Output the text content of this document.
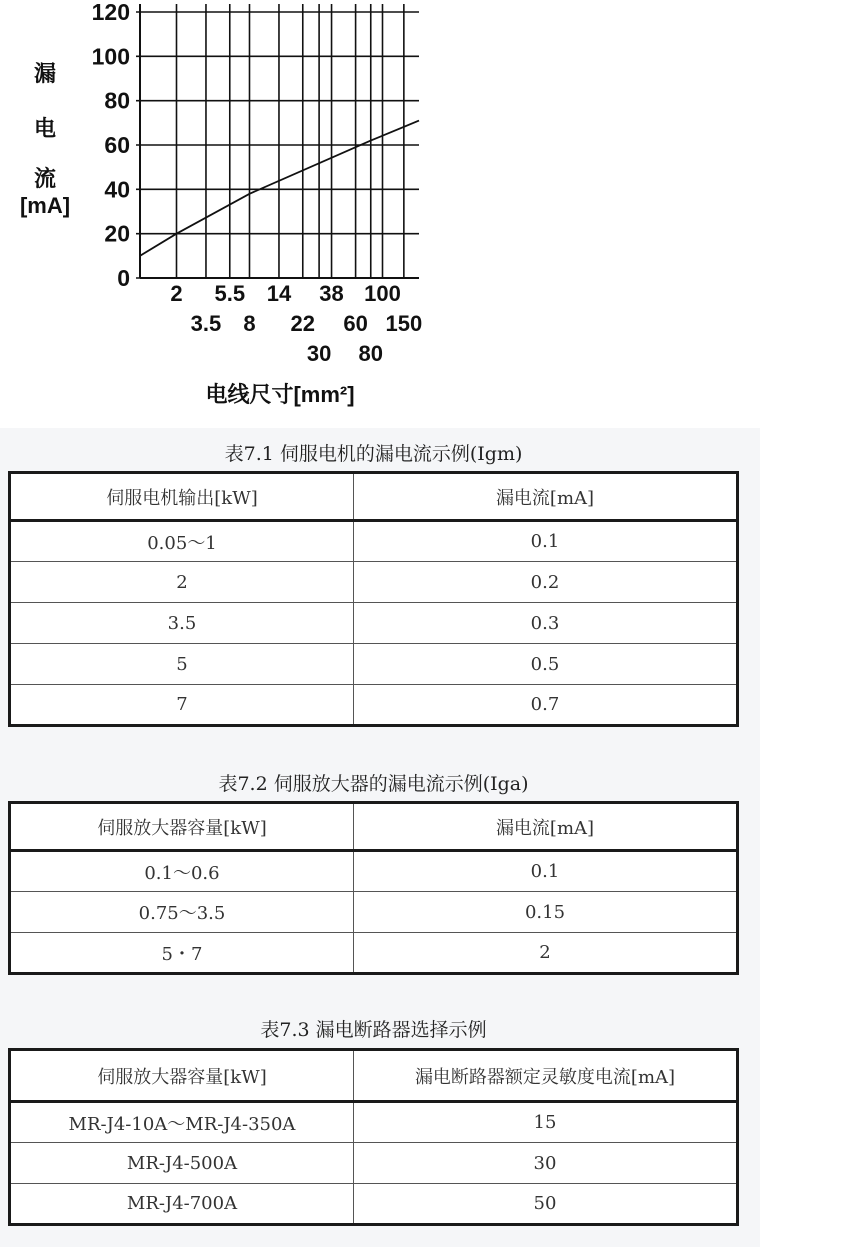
0
20
40
60
80
100
120
2 5.5 14 38 100
3.5 8 22 60 150
30 80
漏
电
流
[mA]
电线尺寸[mm²]
表7.1 伺服电机的漏电流示例(Igm)
伺服电机输出[kW]	漏电流[mA]
0.05～1	0.1
2	0.2
3.5	0.3
5	0.5
7	0.7
表7.2 伺服放大器的漏电流示例(Iga)
伺服放大器容量[kW]	漏电流[mA]
0.1～0.6	0.1
0.75～3.5	0.15
5・7	2
表7.3 漏电断路器选择示例
伺服放大器容量[kW]	漏电断路器额定灵敏度电流[mA]
MR-J4-10A～MR-J4-350A	15
MR-J4-500A	30
MR-J4-700A	50
